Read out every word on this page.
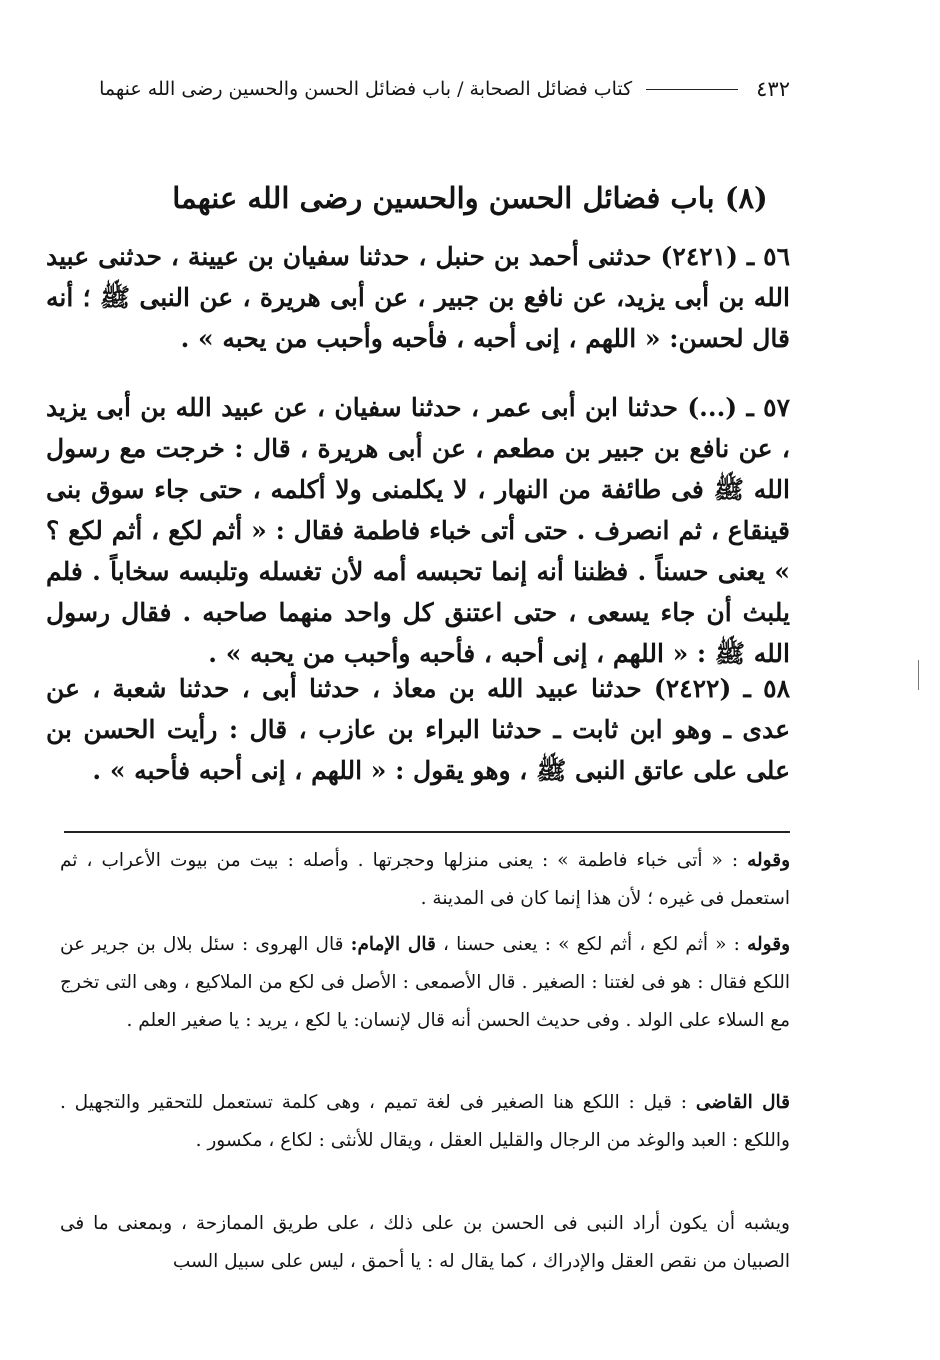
٤٣٢
كتاب فضائل الصحابة / باب فضائل الحسن والحسين رضى الله عنهما
(٨) باب فضائل الحسن والحسين رضى الله عنهما
٥٦ ـ (٢٤٢١) حدثنى أحمد بن حنبل ، حدثنا سفيان بن عيينة ، حدثنى عبيد الله بن أبى يزيد، عن نافع بن جبير ، عن أبى هريرة ، عن النبى ﷺ ؛ أنه قال لحسن: « اللهم ، إنى أحبه ، فأحبه وأحبب من يحبه » .
٥٧ ـ (...) حدثنا ابن أبى عمر ، حدثنا سفيان ، عن عبيد الله بن أبى يزيد ، عن نافع بن جبير بن مطعم ، عن أبى هريرة ، قال : خرجت مع رسول الله ﷺ فى طائفة من النهار ، لا يكلمنى ولا أكلمه ، حتى جاء سوق بنى قينقاع ، ثم انصرف . حتى أتى خباء فاطمة فقال : « أثم لكع ، أثم لكع ؟ » يعنى حسناً . فظننا أنه إنما تحبسه أمه لأن تغسله وتلبسه سخاباً . فلم يلبث أن جاء يسعى ، حتى اعتنق كل واحد منهما صاحبه . فقال رسول الله ﷺ : « اللهم ، إنى أحبه ، فأحبه وأحبب من يحبه » .
٥٨ ـ (٢٤٢٢) حدثنا عبيد الله بن معاذ ، حدثنا أبى ، حدثنا شعبة ، عن عدى ـ وهو ابن ثابت ـ حدثنا البراء بن عازب ، قال : رأيت الحسن بن على على عاتق النبى ﷺ ، وهو يقول : « اللهم ، إنى أحبه فأحبه » .
وقوله : « أتى خباء فاطمة » : يعنى منزلها وحجرتها . وأصله : بيت من بيوت الأعراب ، ثم استعمل فى غيره ؛ لأن هذا إنما كان فى المدينة .
وقوله : « أثم لكع ، أثم لكع » : يعنى حسنا ، قال الإمام: قال الهروى : سئل بلال بن جرير عن اللكع فقال : هو فى لغتنا : الصغير . قال الأصمعى : الأصل فى لكع من الملاكيع ، وهى التى تخرج مع السلاء على الولد . وفى حديث الحسن أنه قال لإنسان: يا لكع ، يريد : يا صغير العلم .
قال القاضى : قيل : اللكع هنا الصغير فى لغة تميم ، وهى كلمة تستعمل للتحقير والتجهيل . واللكع : العبد والوغد من الرجال والقليل العقل ، ويقال للأنثى : لكاع ، مكسور .
ويشبه أن يكون أراد النبى فى الحسن بن على ذلك ، على طريق الممازحة ، وبمعنى ما فى الصبيان من نقص العقل والإدراك ، كما يقال له : يا أحمق ، ليس على سبيل السب
